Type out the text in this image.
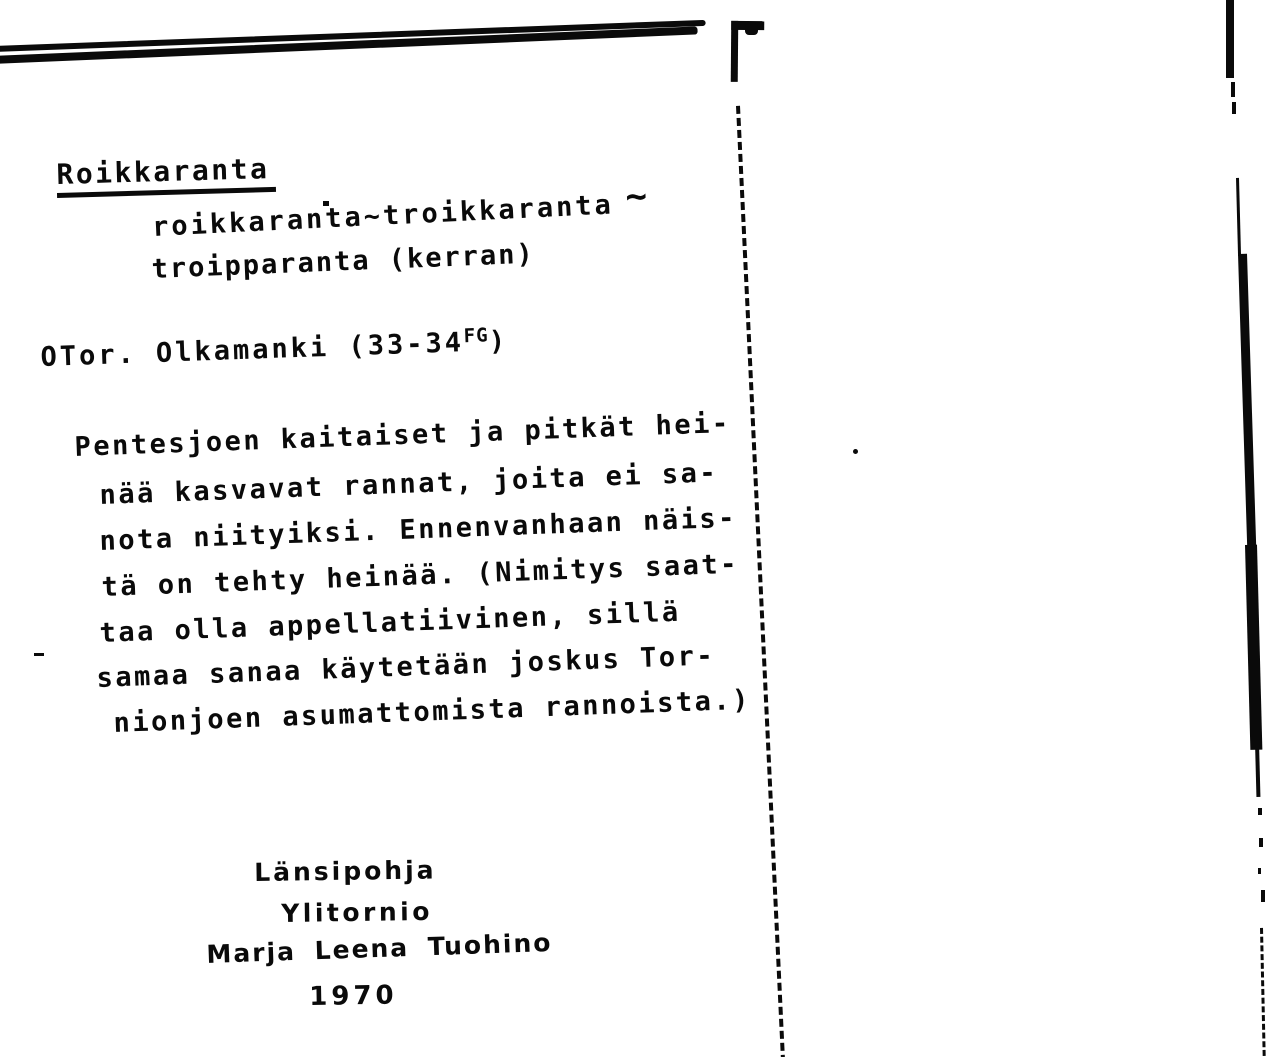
Roikkaranta
roikkaranta~troikkaranta ~
troipparanta (kerran)
OTor. Olkamanki $(33-34^{FG})$
Pentesjoen kaitaiset ja pitkät hei-
nää kasvavat rannat, joita ei sa-
nota niityiksi. Ennenvanhaan näis-
tä on tehty heinää. (Nimitys saat-
taa olla appellatiivinen, sillä
samaa sanaa käytetään joskus Tor-
nionjoen asumattomista rannoista.)
Länsipohja
Ylitornio
Marja Leena Tuohino
1970
